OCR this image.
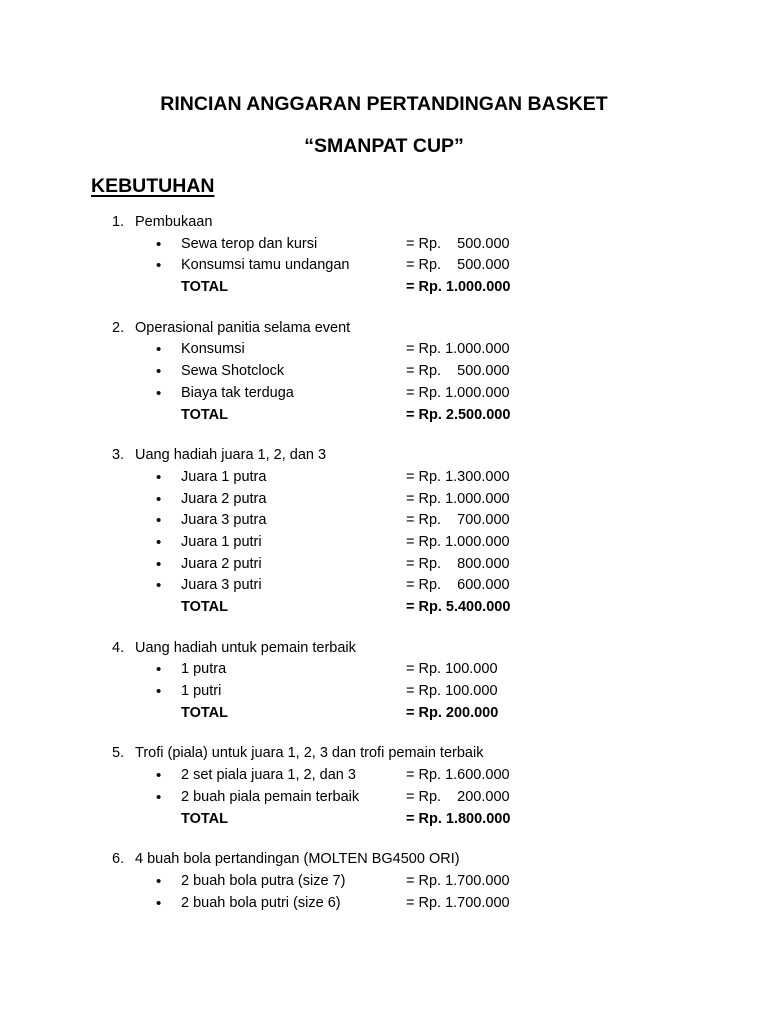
RINCIAN ANGGARAN PERTANDINGAN BASKET
“SMANPAT CUP”
KEBUTUHAN
1. Pembukaan
• Sewa terop dan kursi	= Rp.    500.000
• Konsumsi tamu undangan	= Rp.    500.000
TOTAL	= Rp. 1.000.000
2. Operasional panitia selama event
• Konsumsi	= Rp. 1.000.000
• Sewa Shotclock	= Rp.    500.000
• Biaya tak terduga	= Rp. 1.000.000
TOTAL	= Rp. 2.500.000
3. Uang hadiah juara 1, 2, dan 3
• Juara 1 putra	= Rp. 1.300.000
• Juara 2 putra	= Rp. 1.000.000
• Juara 3 putra	= Rp.    700.000
• Juara 1 putri	= Rp. 1.000.000
• Juara 2 putri	= Rp.    800.000
• Juara 3 putri	= Rp.    600.000
TOTAL	= Rp. 5.400.000
4. Uang hadiah untuk pemain terbaik
• 1 putra	= Rp. 100.000
• 1 putri	= Rp. 100.000
TOTAL	= Rp. 200.000
5. Trofi (piala) untuk juara 1, 2, 3 dan trofi pemain terbaik
• 2 set piala juara 1, 2, dan 3	= Rp. 1.600.000
• 2 buah piala pemain terbaik	= Rp.    200.000
TOTAL	= Rp. 1.800.000
6. 4 buah bola pertandingan (MOLTEN BG4500 ORI)
• 2 buah bola putra (size 7)	= Rp. 1.700.000
• 2 buah bola putri (size 6)	= Rp. 1.700.000
